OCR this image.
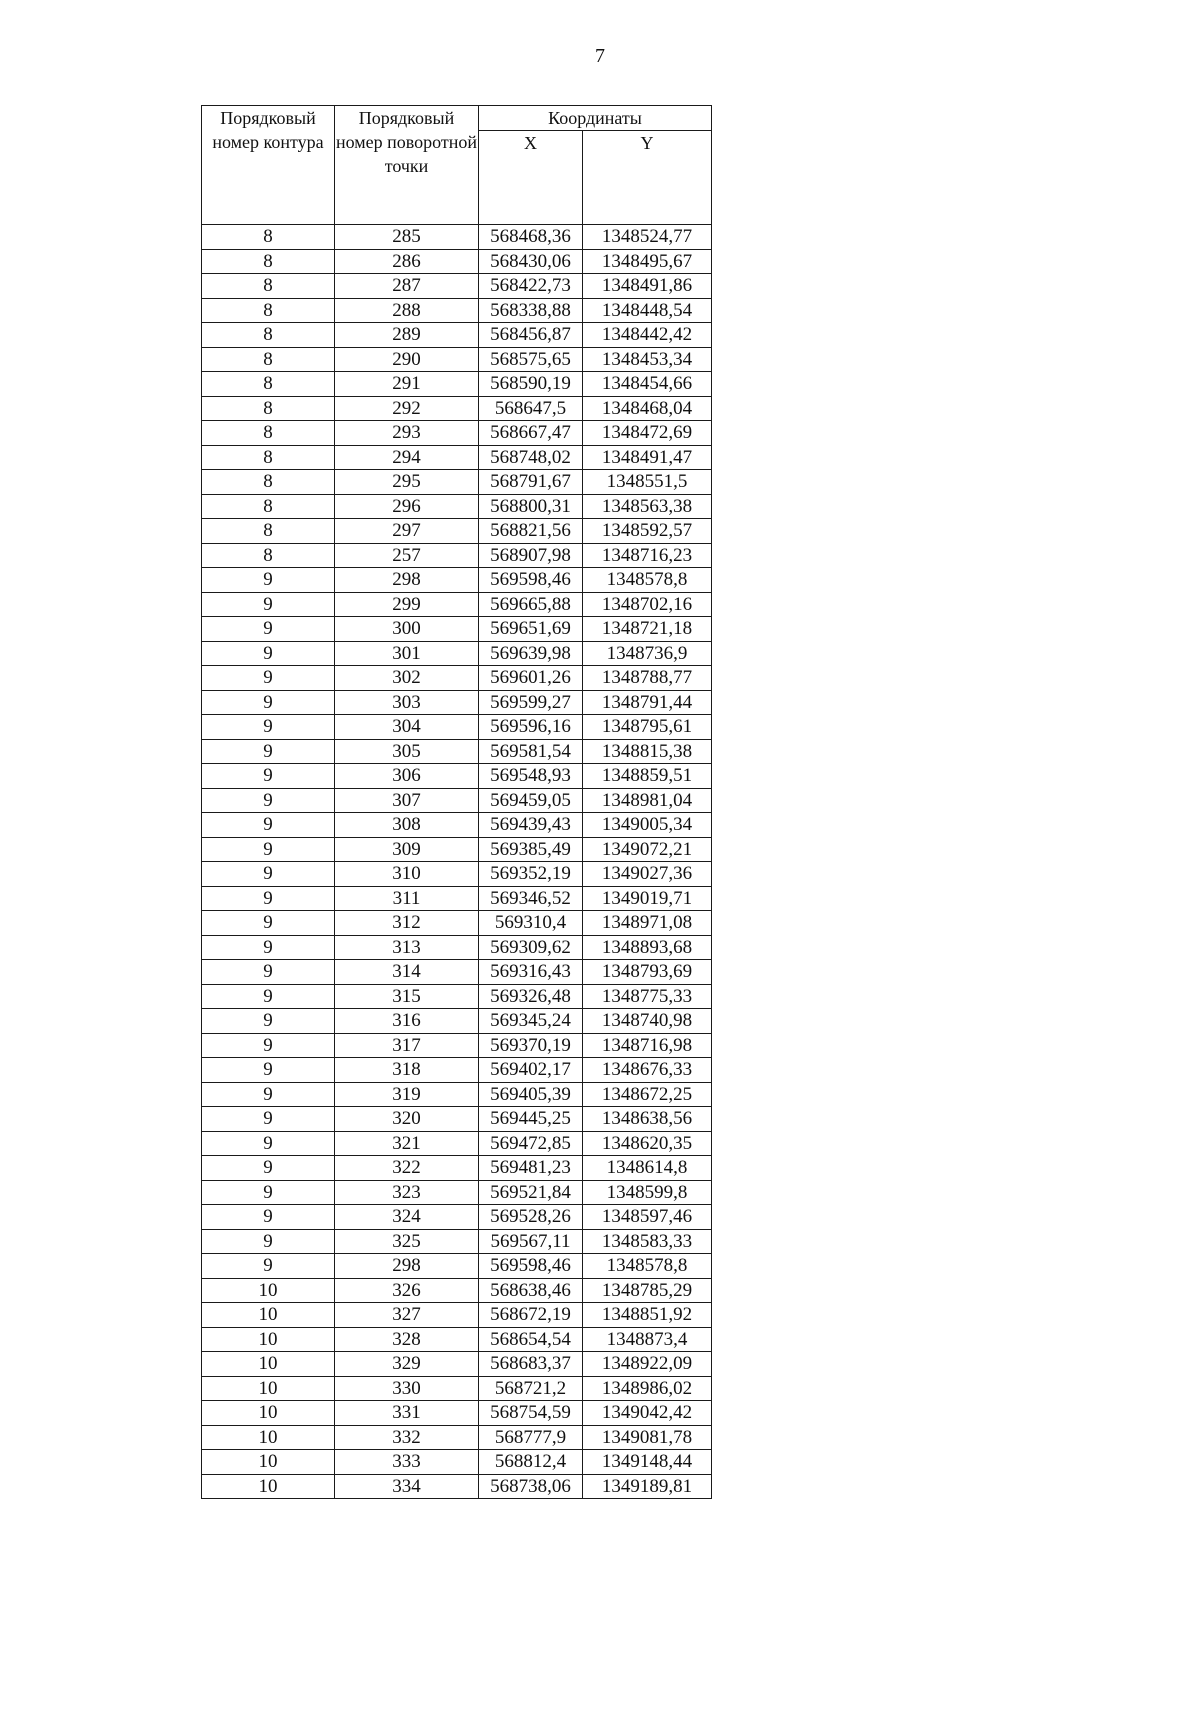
7
Порядковый номер контура	Порядковый номер поворотной точки	Координаты	
		X	Y
8	285	568468,36	1348524,77
8	286	568430,06	1348495,67
8	287	568422,73	1348491,86
8	288	568338,88	1348448,54
8	289	568456,87	1348442,42
8	290	568575,65	1348453,34
8	291	568590,19	1348454,66
8	292	568647,5	1348468,04
8	293	568667,47	1348472,69
8	294	568748,02	1348491,47
8	295	568791,67	1348551,5
8	296	568800,31	1348563,38
8	297	568821,56	1348592,57
8	257	568907,98	1348716,23
9	298	569598,46	1348578,8
9	299	569665,88	1348702,16
9	300	569651,69	1348721,18
9	301	569639,98	1348736,9
9	302	569601,26	1348788,77
9	303	569599,27	1348791,44
9	304	569596,16	1348795,61
9	305	569581,54	1348815,38
9	306	569548,93	1348859,51
9	307	569459,05	1348981,04
9	308	569439,43	1349005,34
9	309	569385,49	1349072,21
9	310	569352,19	1349027,36
9	311	569346,52	1349019,71
9	312	569310,4	1348971,08
9	313	569309,62	1348893,68
9	314	569316,43	1348793,69
9	315	569326,48	1348775,33
9	316	569345,24	1348740,98
9	317	569370,19	1348716,98
9	318	569402,17	1348676,33
9	319	569405,39	1348672,25
9	320	569445,25	1348638,56
9	321	569472,85	1348620,35
9	322	569481,23	1348614,8
9	323	569521,84	1348599,8
9	324	569528,26	1348597,46
9	325	569567,11	1348583,33
9	298	569598,46	1348578,8
10	326	568638,46	1348785,29
10	327	568672,19	1348851,92
10	328	568654,54	1348873,4
10	329	568683,37	1348922,09
10	330	568721,2	1348986,02
10	331	568754,59	1349042,42
10	332	568777,9	1349081,78
10	333	568812,4	1349148,44
10	334	568738,06	1349189,81
